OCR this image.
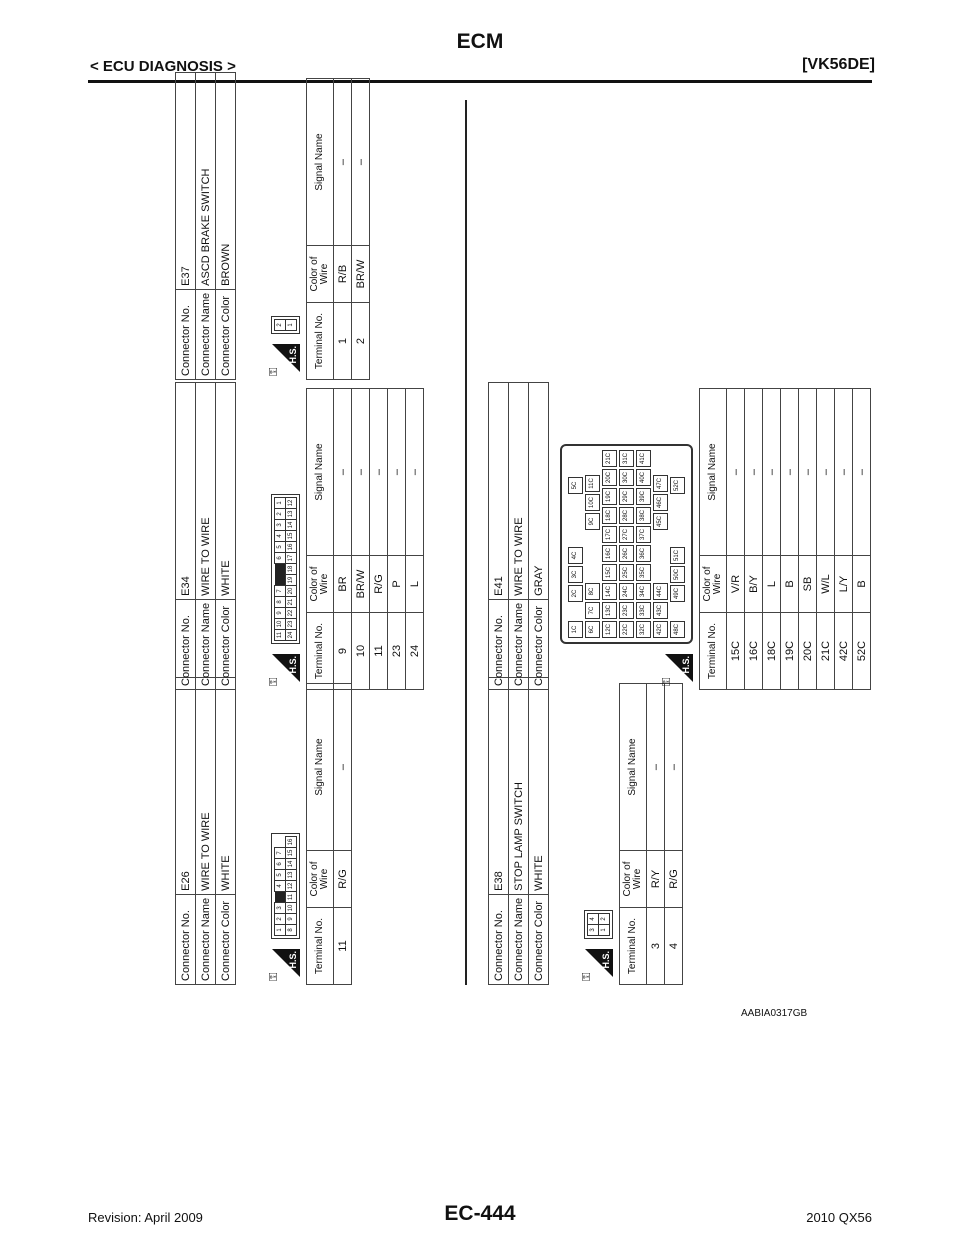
ECM
< ECU DIAGNOSIS >	[VK56DE]
Connector No.	E26
Connector Name	WIRE TO WIRE
Connector Color	WHITE
⚿
H.S.
1	2	3		4	5	6	7	
8	9	10	11	12	13	14	15	16
Terminal No.	Color of Wire	Signal Name
11	R/G	–
Connector No.	E34
Connector Name	WIRE TO WIRE
Connector Color	WHITE
⚿
H.S.
11	10	9	8	7			6	5	4	3	2	1
24	23	22	21	20	19	18	17	16	15	14	13	12
Terminal No.	Color of Wire	Signal Name
9	BR	–
10	BR/W	–
11	R/G	–
23	P	–
24	L	–
Connector No.	E37
Connector Name	ASCD BRAKE SWITCH
Connector Color	BROWN
⚿
H.S.
2
1 Terminal No.	Color of Wire	Signal Name
1	R/B	–
2	BR/W	–
Connector No.	E38
Connector Name	STOP LAMP SWITCH
Connector Color	WHITE
⚿
H.S.
3	4
1	2 Terminal No.	Color of Wire	Signal Name
3	R/Y	–
4	R/G	–
Connector No.	E41
Connector Name	WIRE TO WIRE
Connector Color	GRAY
⚿
H.S.
1C
2C
3C
4C
5C
6C
7C
8C
9C
10C
11C
12C
13C
14C
15C
16C
17C
18C
19C
20C
21C
22C
23C
24C
25C
26C
27C
28C
29C
30C
31C
32C
33C
34C
35C
36C
37C
38C
39C
40C
41C
42C
43C
44C
45C
46C
47C
48C
49C
50C
51C
52C
Terminal No.	Color of Wire	Signal Name
15C	V/R	–
16C	B/Y	–
18C	L	–
19C	B	–
20C	SB	–
21C	W/L	–
42C	L/Y	–
52C	B	–
AABIA0317GB
Revision: April 2009	EC-444	2010 QX56
